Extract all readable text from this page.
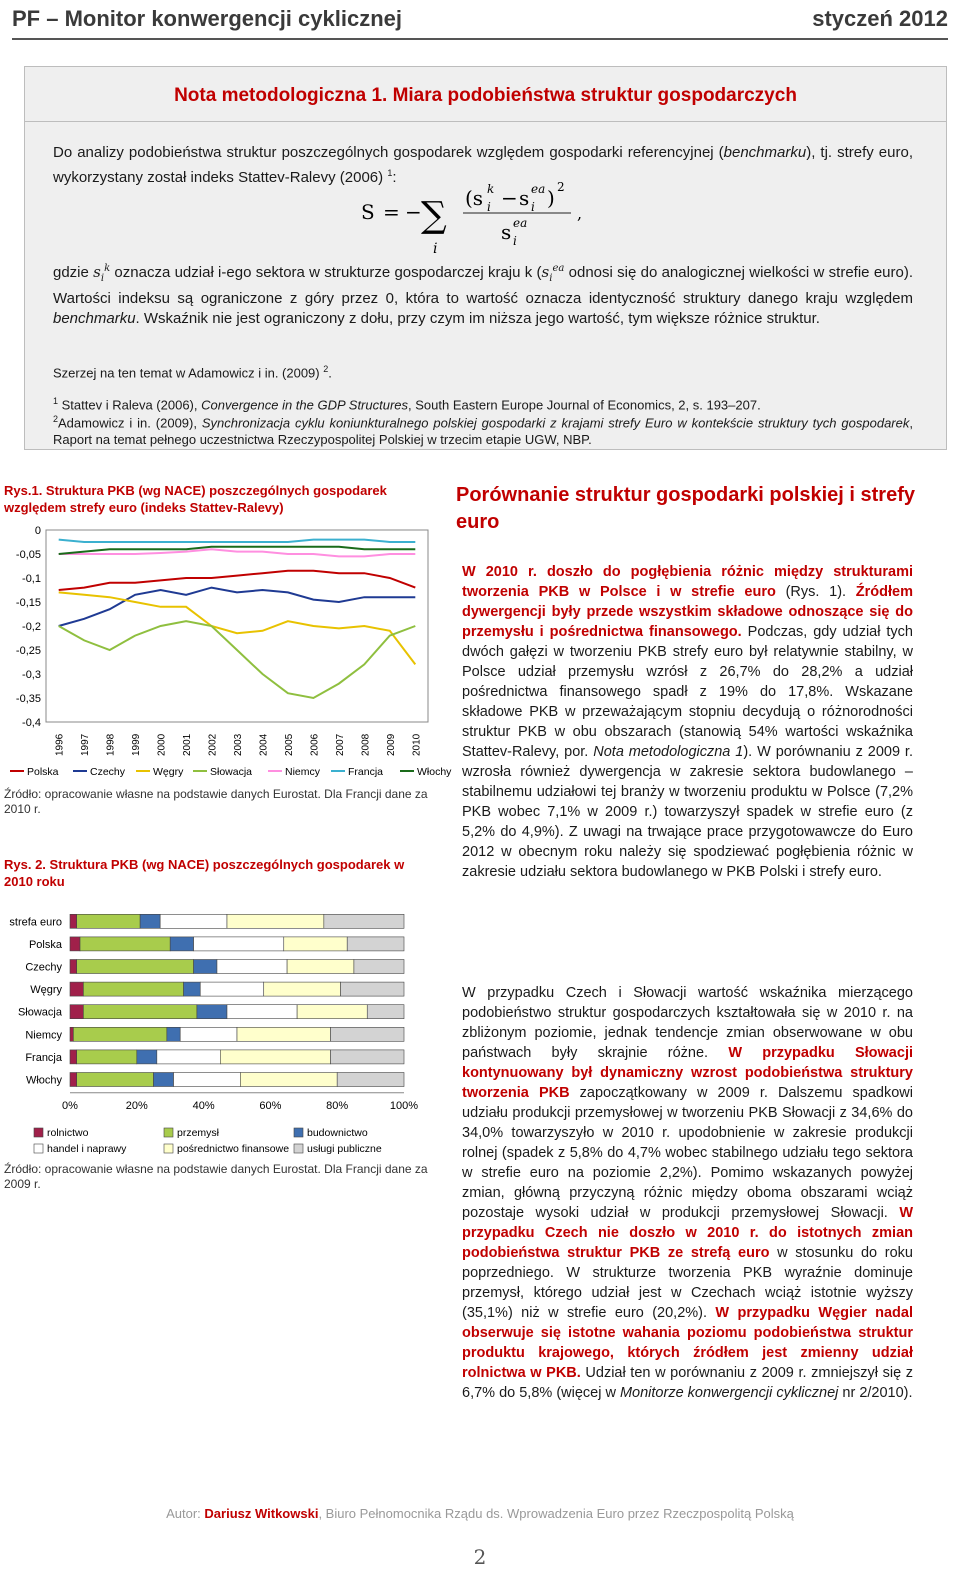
PF – Monitor konwergencji cyklicznej	styczeń 2012
Nota metodologiczna 1. Miara podobieństwa struktur gospodarczych
Do analizy podobieństwa struktur poszczególnych gospodarek względem gospodarki referencyjnej (benchmarku), tj. strefy euro, wykorzystany został indeks Stattev-Ralevy (2006) $^1$:
S = − ∑
i
(s k
i − s ea
i ) 2
s ea
i
,
gdzie $s_i^k$ oznacza udział i-ego sektora w strukturze gospodarczej kraju k ($s_i^{ea}$ odnosi się do analogicznej wielkości w strefie euro). Wartości indeksu są ograniczone z góry przez 0, która to wartość oznacza identyczność struktury danego kraju względem benchmarku. Wskaźnik nie jest ograniczony z dołu, przy czym im niższa jego wartość, tym większe różnice struktur.
Szerzej na ten temat w Adamowicz i in. (2009) $^2$.
$^1$ Stattev i Raleva (2006), Convergence in the GDP Structures, South Eastern Europe Journal of Economics, 2, s. 193–207.
$^2$Adamowicz i in. (2009), Synchronizacja cyklu koniunkturalnego polskiej gospodarki z krajami strefy Euro w kontekście struktury tych gospodarek, Raport na temat pełnego uczestnictwa Rzeczypospolitej Polskiej w trzecim etapie UGW, NBP.
Rys.1. Struktura PKB (wg NACE) poszczególnych gospodarek względem strefy euro (indeks Stattev-Ralevy)
0
-0,05
-0,1
-0,15
-0,2
-0,25
-0,3
-0,35
-0,4
1996 1997 1998 1999 2000 2001 2002 2003 2004 2005 2006 2007 2008 2009 2010
Polska	Czechy	Węgry	Słowacja	Niemcy	Francja	Włochy
Źródło: opracowanie własne na podstawie danych Eurostat. Dla Francji dane za 2010 r.
Rys. 2. Struktura PKB (wg NACE) poszczególnych gospodarek w 2010 roku
strefa euro
Polska
Czechy
Węgry
Słowacja
Niemcy
Francja
Włochy
0%	20%	40%	60%	80%	100%
rolnictwo	przemysł	budownictwo
handel i naprawy	pośrednictwo finansowe usługi publiczne
Źródło: opracowanie własne na podstawie danych Eurostat. Dla Francji dane za 2009 r.
Porównanie struktur gospodarki polskiej i strefy euro
W 2010 r. doszło do pogłębienia różnic między strukturami tworzenia PKB w Polsce i w strefie euro (Rys. 1). Źródłem dywergencji były przede wszystkim składowe odnoszące się do przemysłu i pośrednictwa finansowego. Podczas, gdy udział tych dwóch gałęzi w tworzeniu PKB strefy euro był relatywnie stabilny, w Polsce udział przemysłu wzrósł z 26,7% do 28,2% a udział pośrednictwa finansowego spadł z 19% do 17,8%. Wskazane składowe PKB w przeważającym stopniu decydują o różnorodności struktur PKB w obu obszarach (stanowią 54% wartości wskaźnika Stattev-Ralevy, por. Nota metodologiczna 1). W porównaniu z 2009 r. wzrosła również dywergencja w zakresie sektora budowlanego – stabilnemu udziałowi tej branży w tworzeniu produktu w Polsce (7,2% PKB wobec 7,1% w 2009 r.) towarzyszył spadek w strefie euro (z 5,2% do 4,9%). Z uwagi na trwające prace przygotowawcze do Euro 2012 w obecnym roku należy się spodziewać pogłębienia różnic w zakresie udziału sektora budowlanego w PKB Polski i strefy euro.
W przypadku Czech i Słowacji wartość wskaźnika mierzącego podobieństwo struktur gospodarczych kształtowała się w 2010 r. na zbliżonym poziomie, jednak tendencje zmian obserwowane w obu państwach były skrajnie różne. W przypadku Słowacji kontynuowany był dynamiczny wzrost podobieństwa struktury tworzenia PKB zapoczątkowany w 2009 r. Dalszemu spadkowi udziału produkcji przemysłowej w tworzeniu PKB Słowacji z 34,6% do 34,0% towarzyszyło w 2010 r. upodobnienie w zakresie produkcji rolnej (spadek z 5,8% do 4,7% wobec stabilnego udziału tego sektora w strefie euro na poziomie 2,2%). Pomimo wskazanych powyżej zmian, główną przyczyną różnic między oboma obszarami wciąż pozostaje wysoki udział w produkcji przemysłowej Słowacji. W przypadku Czech nie doszło w 2010 r. do istotnych zmian podobieństwa struktur PKB ze strefą euro w stosunku do roku poprzedniego. W strukturze tworzenia PKB wyraźnie dominuje przemysł, którego udział jest w Czechach wciąż istotnie wyższy (35,1%) niż w strefie euro (20,2%). W przypadku Węgier nadal obserwuje się istotne wahania poziomu podobieństwa struktur produktu krajowego, których źródłem jest zmienny udział rolnictwa w PKB. Udział ten w porównaniu z 2009 r. zmniejszył się z 6,7% do 5,8% (więcej w Monitorze konwergencji cyklicznej nr 2/2010).
Autor: Dariusz Witkowski, Biuro Pełnomocnika Rządu ds. Wprowadzenia Euro przez Rzeczpospolitą Polską
2
